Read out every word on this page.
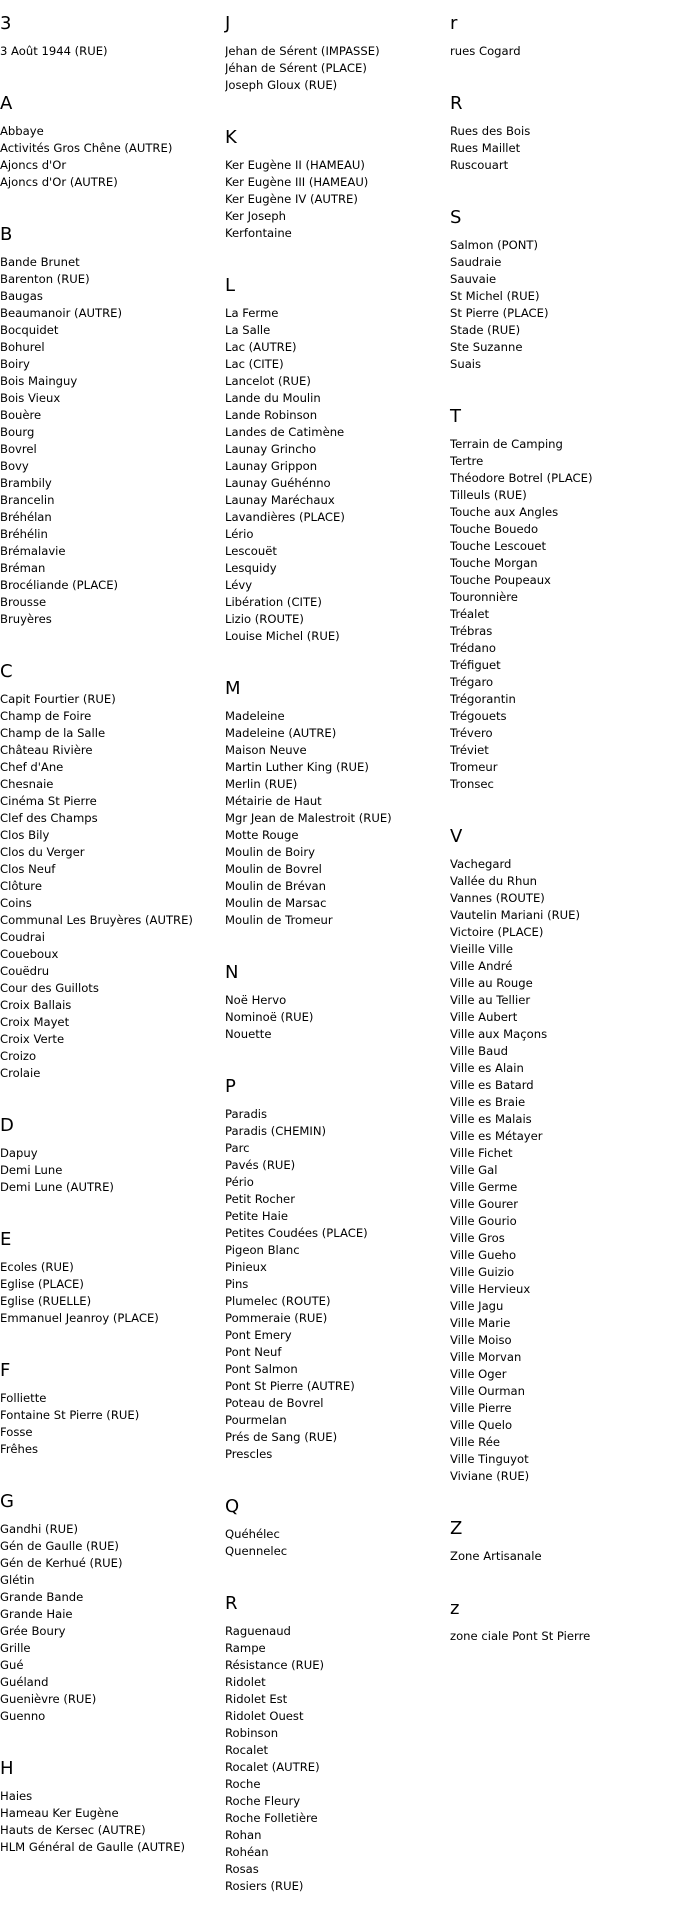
3
3 Août 1944 (RUE)
A
Abbaye
Activités Gros Chêne (AUTRE)
Ajoncs d'Or
Ajoncs d'Or (AUTRE)
B
Bande Brunet
Barenton (RUE)
Baugas
Beaumanoir (AUTRE)
Bocquidet
Bohurel
Boiry
Bois Mainguy
Bois Vieux
Bouère
Bourg
Bovrel
Bovy
Brambily
Brancelin
Bréhélan
Bréhélin
Brémalavie
Bréman
Brocéliande (PLACE)
Brousse
Bruyères
C
Capit Fourtier (RUE)
Champ de Foire
Champ de la Salle
Château Rivière
Chef d'Ane
Chesnaie
Cinéma St Pierre
Clef des Champs
Clos Bily
Clos du Verger
Clos Neuf
Clôture
Coins
Communal Les Bruyères (AUTRE)
Coudrai
Coueboux
Couëdru
Cour des Guillots
Croix Ballais
Croix Mayet
Croix Verte
Croizo
Crolaie
D
Dapuy
Demi Lune
Demi Lune (AUTRE)
E
Ecoles (RUE)
Eglise (PLACE)
Eglise (RUELLE)
Emmanuel Jeanroy (PLACE)
F
Folliette
Fontaine St Pierre (RUE)
Fosse
Frêhes
G
Gandhi (RUE)
Gén de Gaulle (RUE)
Gén de Kerhué (RUE)
Glétin
Grande Bande
Grande Haie
Grée Boury
Grille
Gué
Guéland
Guenièvre (RUE)
Guenno
H
Haies
Hameau Ker Eugène
Hauts de Kersec (AUTRE)
HLM Général de Gaulle (AUTRE)
J
Jehan de Sérent (IMPASSE)
Jéhan de Sérent (PLACE)
Joseph Gloux (RUE)
K
Ker Eugène II (HAMEAU)
Ker Eugène III (HAMEAU)
Ker Eugène IV (AUTRE)
Ker Joseph
Kerfontaine
L
La Ferme
La Salle
Lac (AUTRE)
Lac (CITE)
Lancelot (RUE)
Lande du Moulin
Lande Robinson
Landes de Catimène
Launay Grincho
Launay Grippon
Launay Guéhénno
Launay Maréchaux
Lavandières (PLACE)
Lério
Lescouët
Lesquidy
Lévy
Libération (CITE)
Lizio (ROUTE)
Louise Michel (RUE)
M
Madeleine
Madeleine (AUTRE)
Maison Neuve
Martin Luther King (RUE)
Merlin (RUE)
Métairie de Haut
Mgr Jean de Malestroit (RUE)
Motte Rouge
Moulin de Boiry
Moulin de Bovrel
Moulin de Brévan
Moulin de Marsac
Moulin de Tromeur
N
Noë Hervo
Nominoë (RUE)
Nouette
P
Paradis
Paradis (CHEMIN)
Parc
Pavés (RUE)
Pério
Petit Rocher
Petite Haie
Petites Coudées (PLACE)
Pigeon Blanc
Pinieux
Pins
Plumelec (ROUTE)
Pommeraie (RUE)
Pont Emery
Pont Neuf
Pont Salmon
Pont St Pierre (AUTRE)
Poteau de Bovrel
Pourmelan
Prés de Sang (RUE)
Prescles
Q
Quéhélec
Quennelec
R
Raguenaud
Rampe
Résistance (RUE)
Ridolet
Ridolet Est
Ridolet Ouest
Robinson
Rocalet
Rocalet (AUTRE)
Roche
Roche Fleury
Roche Folletière
Rohan
Rohéan
Rosas
Rosiers (RUE)
r
rues Cogard
R
Rues des Bois
Rues Maillet
Ruscouart
S
Salmon (PONT)
Saudraie
Sauvaie
St Michel (RUE)
St Pierre (PLACE)
Stade (RUE)
Ste Suzanne
Suais
T
Terrain de Camping
Tertre
Théodore Botrel (PLACE)
Tilleuls (RUE)
Touche aux Angles
Touche Bouedo
Touche Lescouet
Touche Morgan
Touche Poupeaux
Touronnière
Tréalet
Trébras
Trédano
Tréfiguet
Trégaro
Trégorantin
Trégouets
Trévero
Tréviet
Tromeur
Tronsec
V
Vachegard
Vallée du Rhun
Vannes (ROUTE)
Vautelin Mariani (RUE)
Victoire (PLACE)
Vieille Ville
Ville André
Ville au Rouge
Ville au Tellier
Ville Aubert
Ville aux Maçons
Ville Baud
Ville es Alain
Ville es Batard
Ville es Braie
Ville es Malais
Ville es Métayer
Ville Fichet
Ville Gal
Ville Germe
Ville Gourer
Ville Gourio
Ville Gros
Ville Gueho
Ville Guizio
Ville Hervieux
Ville Jagu
Ville Marie
Ville Moiso
Ville Morvan
Ville Oger
Ville Ourman
Ville Pierre
Ville Quelo
Ville Rée
Ville Tinguyot
Viviane (RUE)
Z
Zone Artisanale
z
zone ciale Pont St Pierre
